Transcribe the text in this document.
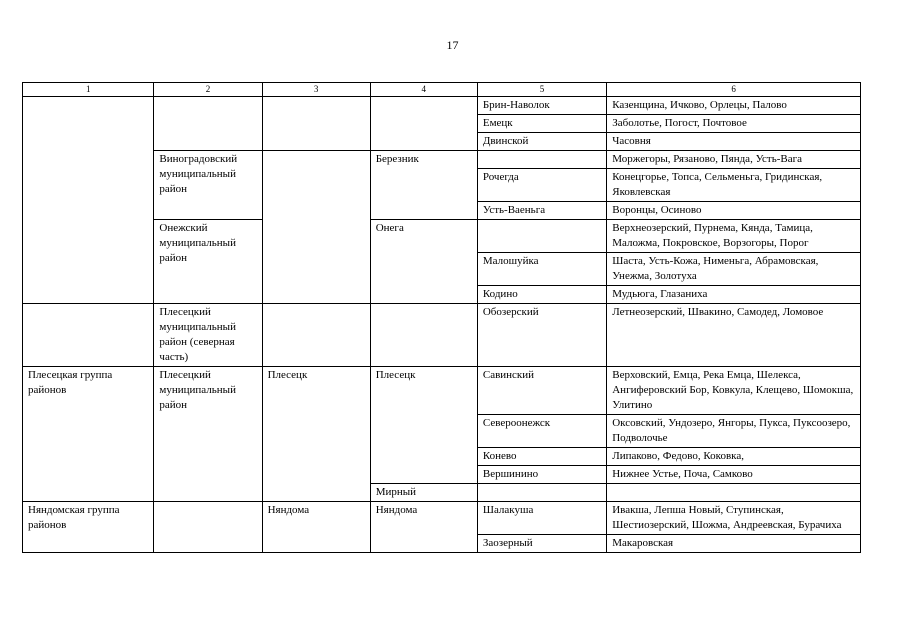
17
1	2	3	4	5	6
				Брин-Наволок	Казенщина, Ичково, Орлецы, Палово
				Емецк	Заболотье, Погост, Почтовое
				Двинской	Часовня
	Виноградовский муниципальный район		Березник		Моржегоры, Рязаново, Пянда, Усть-Вага
				Рочегда	Конецгорье, Топса, Сельменьга, Гридинская, Яковлевская
				Усть-Ваеньга	Воронцы, Осиново
	Онежский муниципальный район		Онега		Верхнеозерский, Пурнема, Кянда, Тамица, Маложма, Покровское, Ворзогоры, Порог
				Малошуйка	Шаста, Усть-Кожа, Нименьга, Абрамовская, Унежма, Золотуха
				Кодино	Мудьюга, Глазаниха
	Плесецкий муниципальный район (северная часть)			Обозерский	Летнеозерский, Швакино, Самодед, Ломовое
Плесецкая группа районов	Плесецкий муниципальный район	Плесецк	Плесецк	Савинский	Верховский, Емца, Река Емца, Шелекса, Ангиферовский Бор, Ковкула, Клещево, Шомокша, Улитино
				Североонежск	Оксовский, Ундозеро, Янгоры, Пукса, Пуксоозеро, Подволочье
				Конево	Липаково, Федово, Коковка,
				Вершинино	Нижнее Устье, Поча, Самково
			Мирный		
Няндомская группа районов		Няндома	Няндома	Шалакуша	Ивакша, Лепша Новый, Ступинская, Шестиозерский, Шожма, Андреевская, Бурачиха
				Заозерный	Макаровская
